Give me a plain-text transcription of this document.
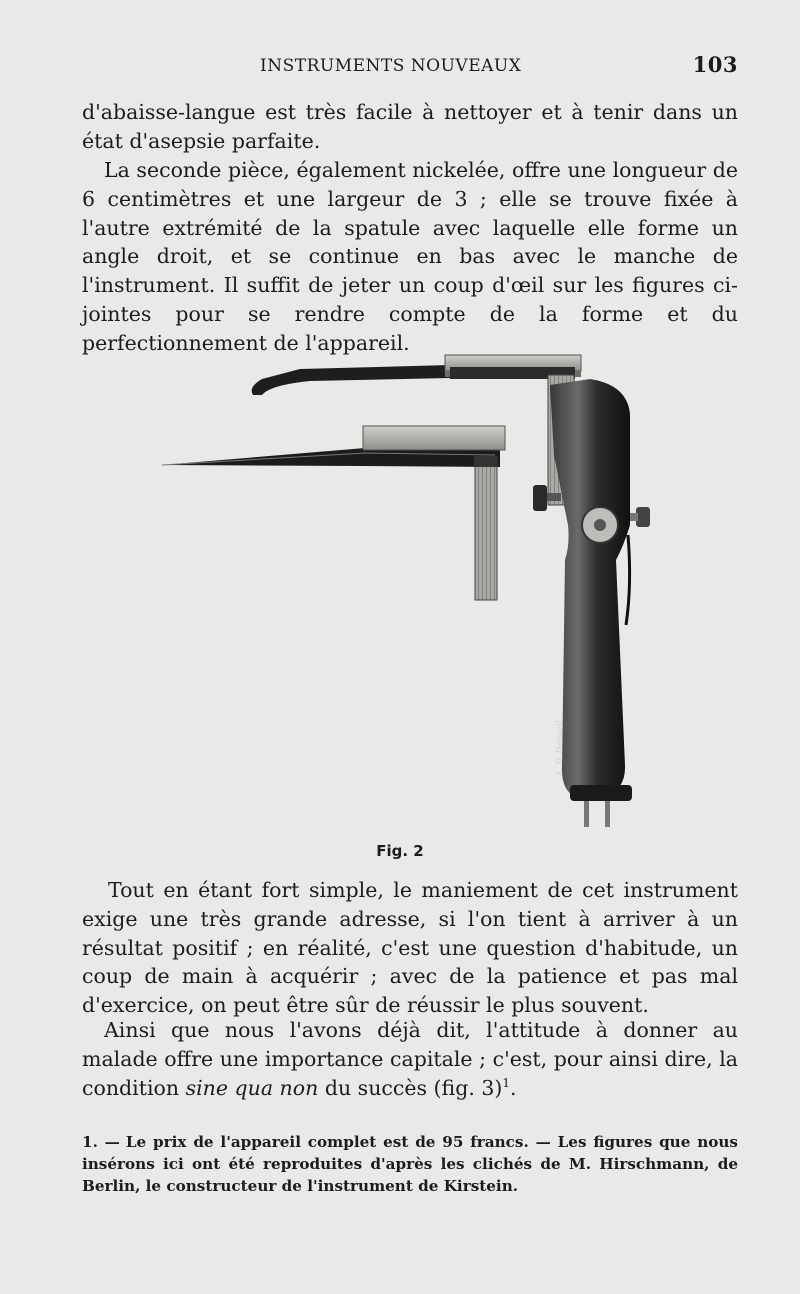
INSTRUMENTS NOUVEAUX	103

d'abaisse-langue est très facile à nettoyer et à tenir dans un état d'asepsie parfaite.

La seconde pièce, également nickelée, offre une longueur de 6 centimètres et une largeur de 3 ; elle se trouve fixée à l'autre extrémité de la spatule avec laquelle elle forme un angle droit, et se continue en bas avec le manche de l'instrument. Il suffit de jeter un coup d'œil sur les figures ci-jointes pour se rendre compte de la forme et du perfectionnement de l'appareil.

L. D. Hémard
Fig. 2

Tout en étant fort simple, le maniement de cet instrument exige une très grande adresse, si l'on tient à arriver à un résultat positif ; en réalité, c'est une question d'habitude, un coup de main à acquérir ; avec de la patience et pas mal d'exercice, on peut être sûr de réussir le plus souvent.

Ainsi que nous l'avons déjà dit, l'attitude à donner au malade offre une importance capitale ; c'est, pour ainsi dire, la condition sine qua non du succès (fig. 3)$^1$.

1. — Le prix de l'appareil complet est de 95 francs. — Les figures que nous insérons ici ont été reproduites d'après les clichés de M. Hirschmann, de Berlin, le constructeur de l'instrument de Kirstein.
